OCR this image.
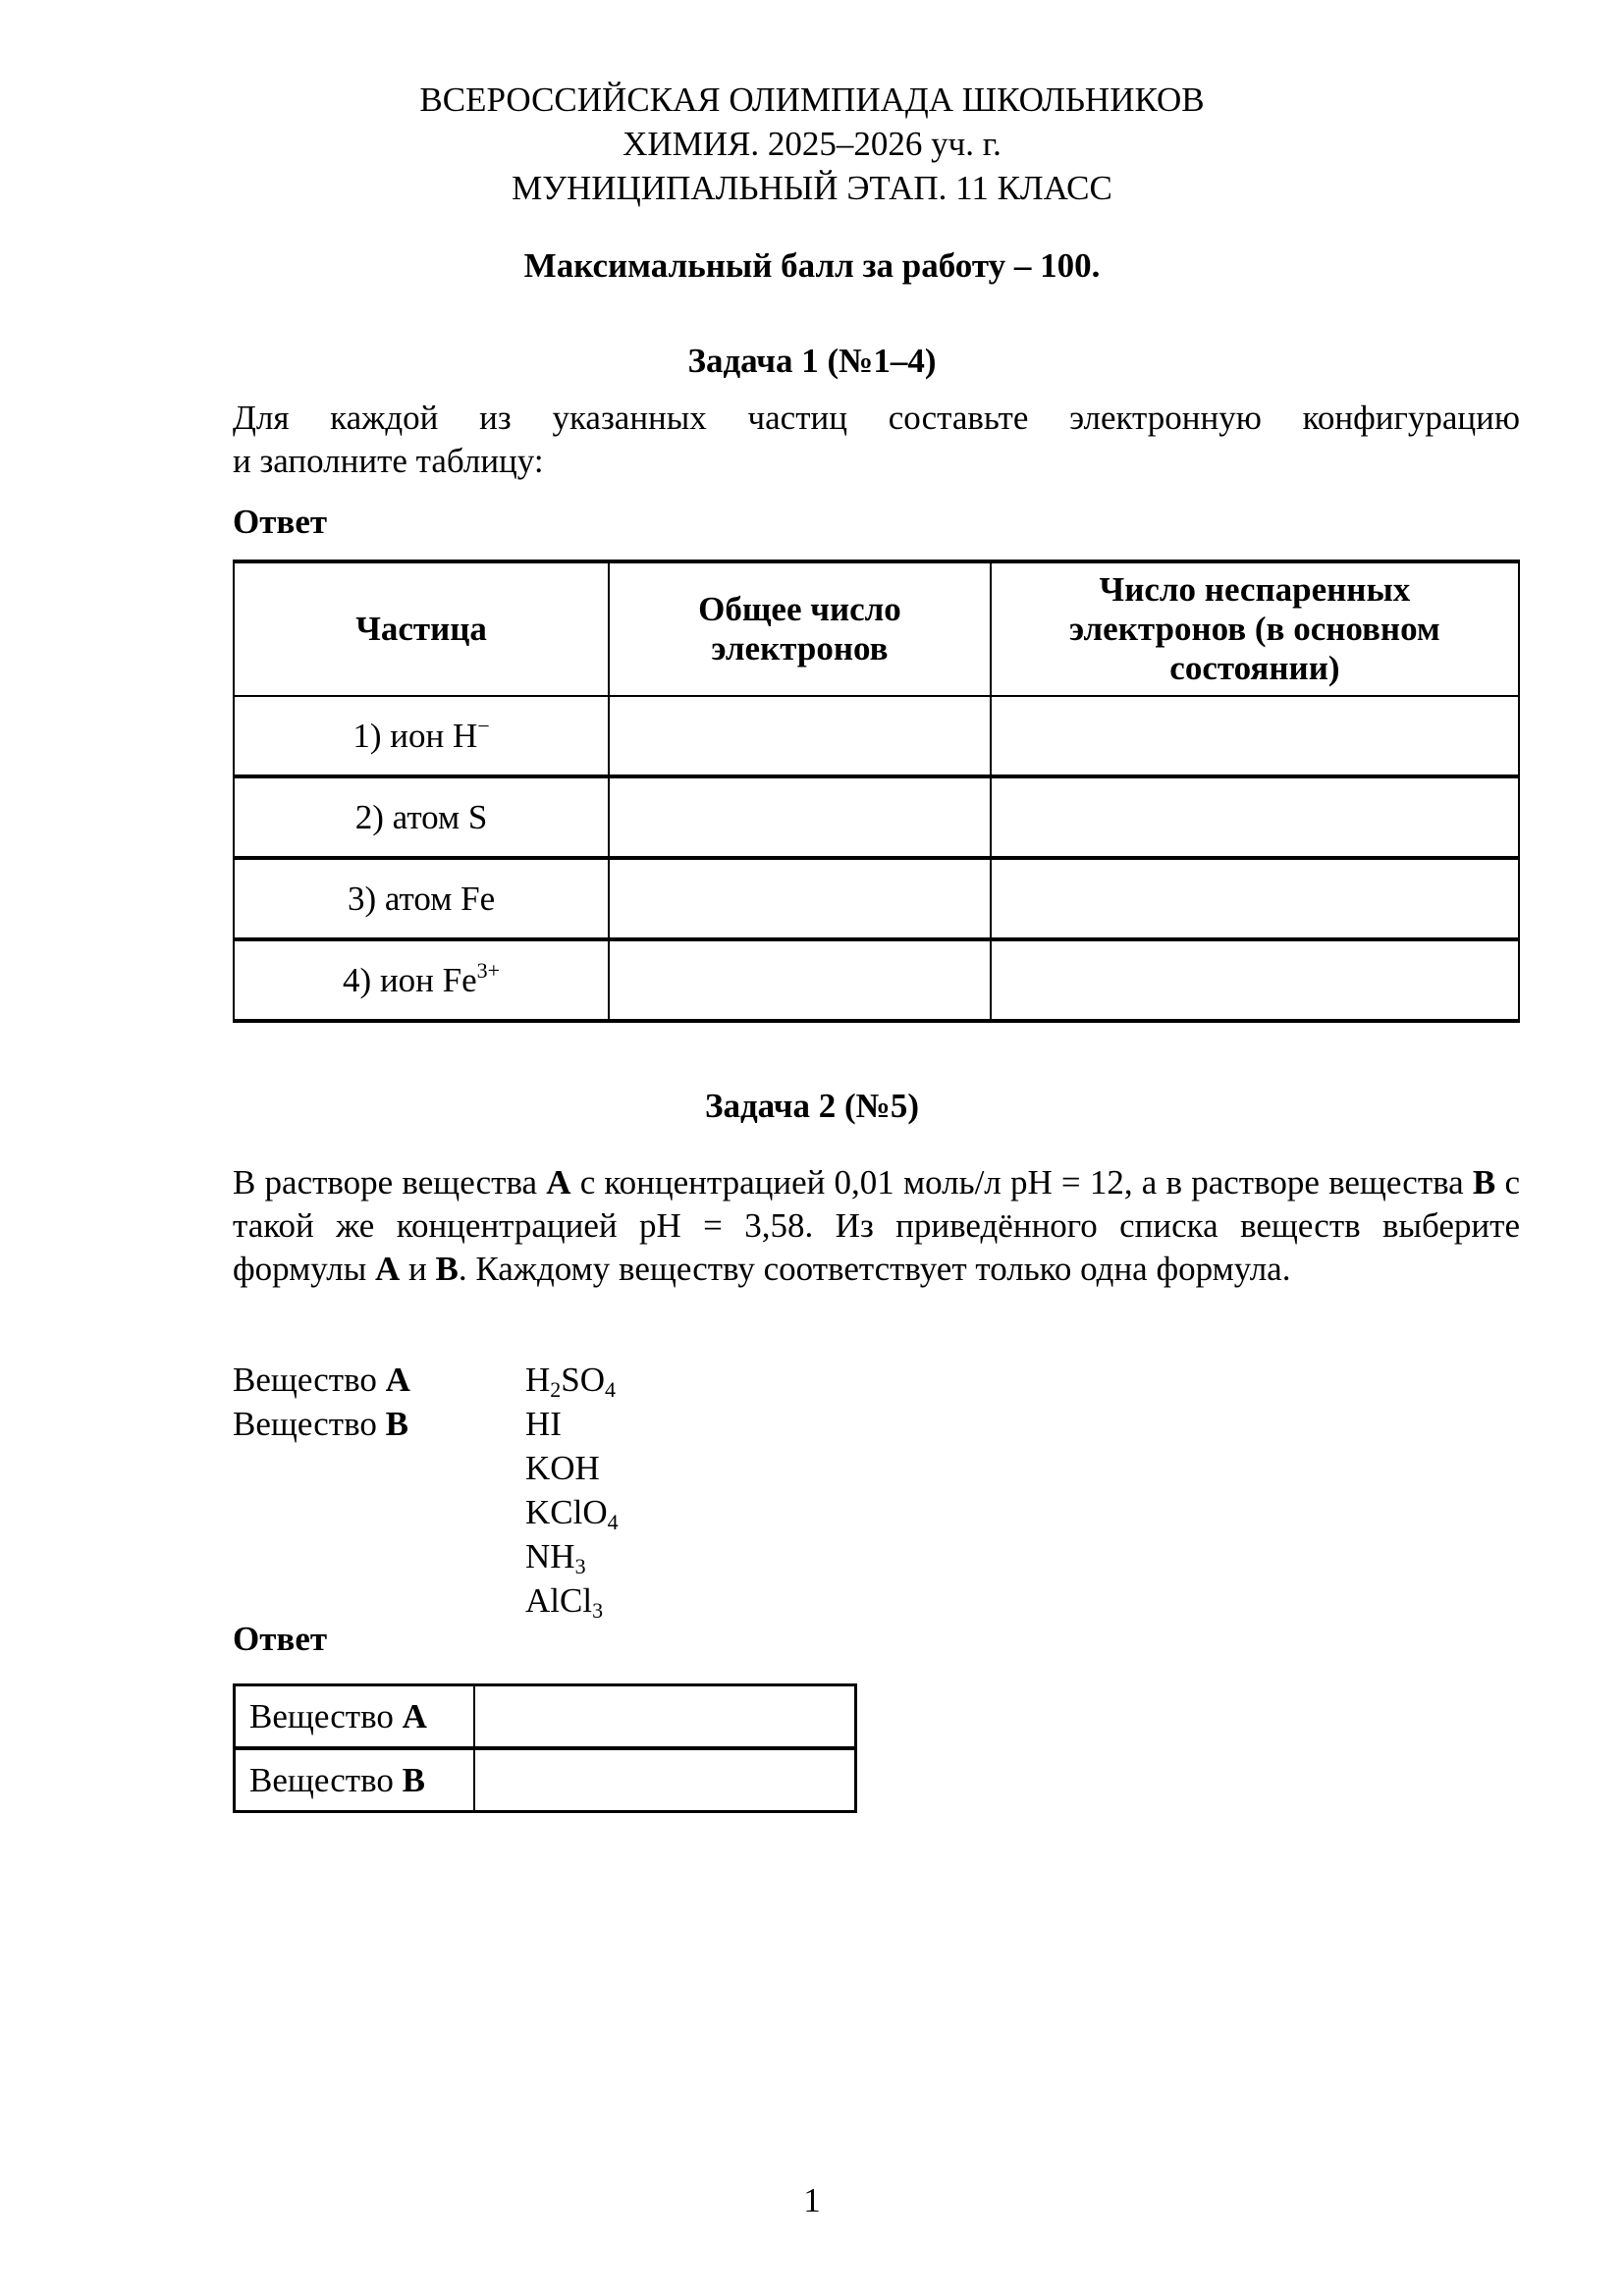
ВСЕРОССИЙСКАЯ ОЛИМПИАДА ШКОЛЬНИКОВ
ХИМИЯ. 2025–2026 уч. г.
МУНИЦИПАЛЬНЫЙ ЭТАП. 11 КЛАСС
Максимальный балл за работу – 100.
Задача 1 (№1–4)
Для каждой из указанных частиц составьте электронную конфигурацию
и заполните таблицу:
Ответ
Частица	Общее число электронов	Число неспаренных электронов (в основном состоянии)

1) ион H−		
2) атом S		
3) атом Fe		
4) ион $Fe^{3+}$		
Задача 2 (№5)
В растворе вещества A с концентрацией 0,01 моль/л pH = 12, а в растворе вещества B с такой же концентрацией pH = 3,58. Из приведённого списка веществ выберите формулы A и B. Каждому веществу соответствует только одна формула.
Вещество A
Вещество B
$H_2SO_4$
HI
KOH
KClO$_4$
$NH_3$
AlCl$_3$
Ответ
Вещество A	
Вещество B	
1
